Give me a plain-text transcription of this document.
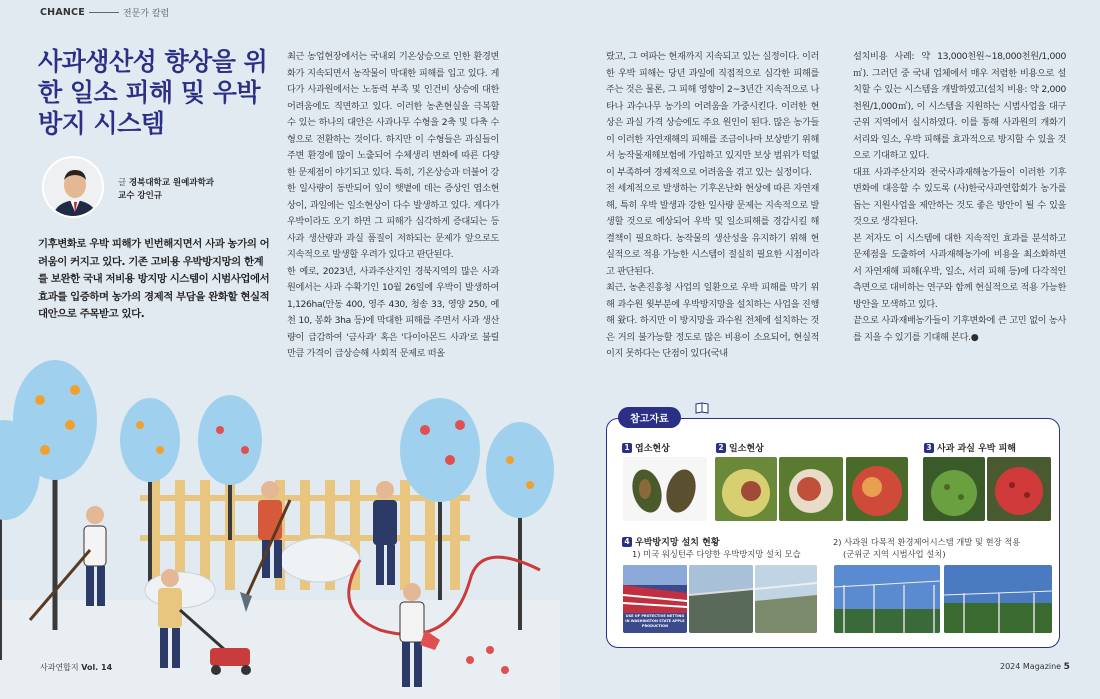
CHANCE	전문가 칼럼
사과생산성 향상을 위한 일소 피해 및 우박방지 시스템
글 경북대학교 원예과학과
교수 강인규

기후변화로 우박 피해가 빈번해지면서 사과 농가의 어려움이 커지고 있다. 기존 고비용 우박방지망의 한계를 보완한 국내 저비용 방지망 시스템이 시범사업에서 효과를 입증하며 농가의 경제적 부담을 완화할 현실적 대안으로 주목받고 있다.

최근 농업현장에서는 국내외 기온상승으로 인한 환경변화가 지속되면서 농작물이 막대한 피해를 입고 있다. 게다가 사과원에서는 노동력 부족 및 인건비 상승에 대한 어려움에도 직면하고 있다. 이러한 농촌현실을 극복할 수 있는 하나의 대안은 사과나무 수형을 2축 및 다축 수형으로 전환하는 것이다. 하지만 이 수형들은 과실들이 주변 환경에 많이 노출되어 수체생리 변화에 따른 다양한 문제점이 야기되고 있다. 특히, 기온상승과 더불어 강한 일사량이 동반되어 잎이 햇볕에 데는 증상인 엽소현상이, 과일에는 일소현상이 다수 발생하고 있다. 게다가 우박이라도 오기 하면 그 피해가 심각하게 증대되는 등 사과 생산량과 과실 품질이 저하되는 문제가 앞으로도 지속적으로 발생할 우려가 있다고 판단된다.

한 예로, 2023년, 사과주산지인 경북지역의 많은 사과원에서는 사과 수확기인 10월 26일에 우박이 발생하여 1,126ha(안동 400, 영주 430, 청송 33, 영양 250, 예천 10, 봉화 3ha 등)에 막대한 피해를 주면서 사과 생산량이 급감하여 '금사과' 혹은 '다이아몬드 사과'로 불릴 만큼 가격이 급상승해 사회적 문제로 떠올

랐고, 그 여파는 현재까지 지속되고 있는 실정이다. 이러한 우박 피해는 당년 과일에 직접적으로 심각한 피해를 주는 것은 물론, 그 피해 영향이 2~3년간 지속적으로 나타나 과수나무 농가의 어려움을 가중시킨다. 이러한 현상은 과실 가격 상승에도 주요 원인이 된다. 많은 농가들이 이러한 자연재해의 피해를 조금이나마 보상받기 위해서 농작물재해보험에 가입하고 있지만 보상 범위가 턱없이 부족하여 경제적으로 어려움을 겪고 있는 실정이다.

전 세계적으로 발생하는 기후온난화 현상에 따른 자연재해, 특히 우박 발생과 강한 일사량 문제는 지속적으로 발생할 것으로 예상되어 우박 및 일소피해를 경감시킬 해결책이 필요하다. 농작물의 생산성을 유지하기 위해 현실적으로 적용 가능한 시스템이 절실히 필요한 시점이라고 판단된다.

최근, 농촌진흥청 사업의 일환으로 우박 피해를 막기 위해 과수원 윗부분에 우박방지망을 설치하는 사업을 진행해 왔다. 하지만 이 방지망을 과수원 전체에 설치하는 것은 거의 불가능할 정도로 많은 비용이 소요되어, 현실적이지 못하다는 단점이 있다(국내

설치비용 사례: 약 13,000천원~18,000천원/1,000㎡). 그러던 중 국내 업체에서 매우 저렴한 비용으로 설치할 수 있는 시스템을 개발하였고(설치 비용: 약 2,000천원/1,000㎡), 이 시스템을 지원하는 시범사업을 대구 군위 지역에서 실시하였다. 이를 통해 사과원의 개화기 서리와 일소, 우박 피해를 효과적으로 방지할 수 있을 것으로 기대하고 있다.

대표 사과주산지와 전국사과재해농가들이 이러한 기후변화에 대응할 수 있도록 (사)한국사과연합회가 농가를 돕는 지원사업을 제안하는 것도 좋은 방안이 될 수 있을 것으로 생각된다.

본 저자도 이 시스템에 대한 지속적인 효과를 분석하고 문제점을 도출하여 사과재해농가에 비용을 최소화하면서 자연재해 피해(우박, 일소, 서리 피해 등)에 다각적인 측면으로 대비하는 연구와 함께 현실적으로 적용 가능한 방안을 모색하고 있다.

끝으로 사과재배농가들이 기후변화에 큰 고민 없이 농사를 지을 수 있기를 기대해 본다.●

참고자료
1 엽소현상	2 일소현상	3 사과 과실 우박 피해
4 우박방지망 설치 현황
1) 미국 워싱턴주 다양한 우박방지망 설치 모습
2) 사과원 다목적 환경제어시스템 개발 및 현장 적용
(군위군 지역 시범사업 설치)
USE OF PROTECTIVE NETTING IN WASHINGTON STATE APPLE PRODUCTION
사과연합지 Vol. 14	2024 Magazine 5
